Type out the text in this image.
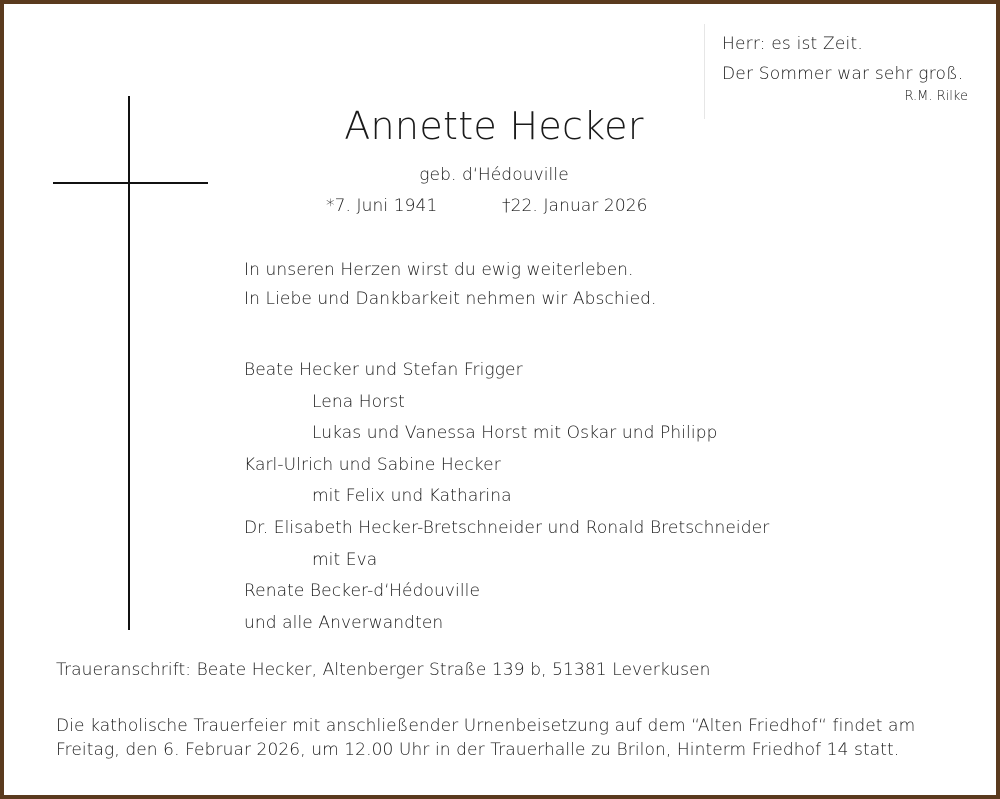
Herr: es ist Zeit.
Der Sommer war sehr groß.
R.M. Rilke
Annette Hecker
geb. d‘Hédouville
*7. Juni 1941	†22. Januar 2026
In unseren Herzen wirst du ewig weiterleben.
In Liebe und Dankbarkeit nehmen wir Abschied.
Beate Hecker und Stefan Frigger
Lena Horst
Lukas und Vanessa Horst mit Oskar und Philipp
Karl-Ulrich und Sabine Hecker
mit Felix und Katharina
Dr. Elisabeth Hecker-Bretschneider und Ronald Bretschneider
mit Eva
Renate Becker-d‘Hédouville
und alle Anverwandten
Traueranschrift: Beate Hecker, Altenberger Straße 139 b, 51381 Leverkusen
Die katholische Trauerfeier mit anschließender Urnenbeisetzung auf dem “Alten Friedhof“ findet am
Freitag, den 6. Februar 2026, um 12.00 Uhr in der Trauerhalle zu Brilon, Hinterm Friedhof 14 statt.
